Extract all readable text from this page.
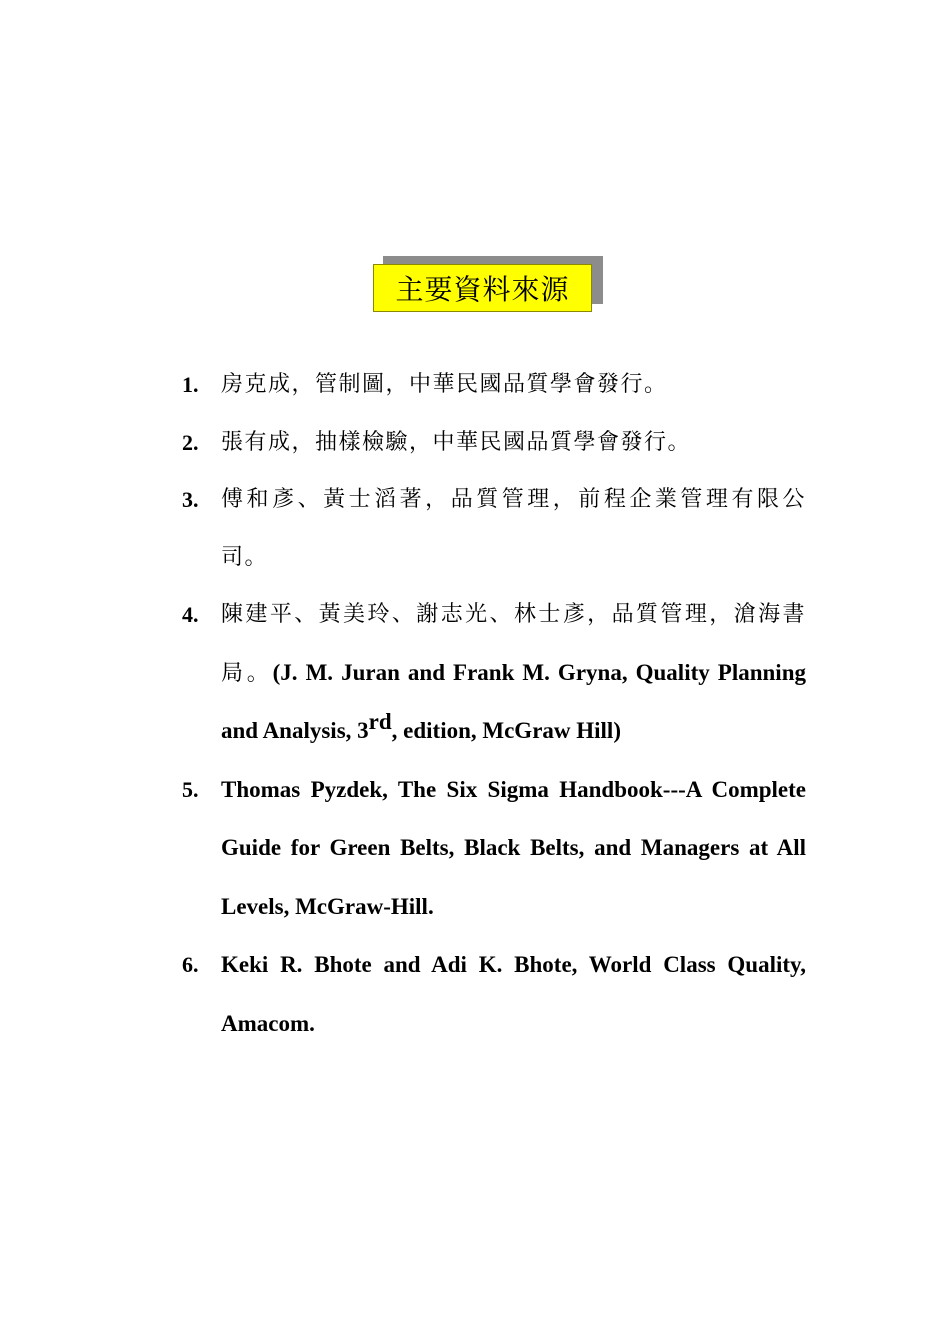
主要資料來源
1. 房克成，管制圖，中華民國品質學會發行。
2. 張有成，抽樣檢驗，中華民國品質學會發行。
3. 傅和彥、黃士滔著，品質管理，前程企業管理有限公司。
4. 陳建平、黃美玲、謝志光、林士彥，品質管理，滄海書局。(J. M. Juran and Frank M. Gryna, Quality Planning and Analysis, 3rd, edition, McGraw Hill)
5. Thomas Pyzdek, The Six Sigma Handbook---A Complete Guide for Green Belts, Black Belts, and Managers at All Levels, McGraw-Hill.
6. Keki R. Bhote and Adi K. Bhote, World Class Quality, Amacom.
